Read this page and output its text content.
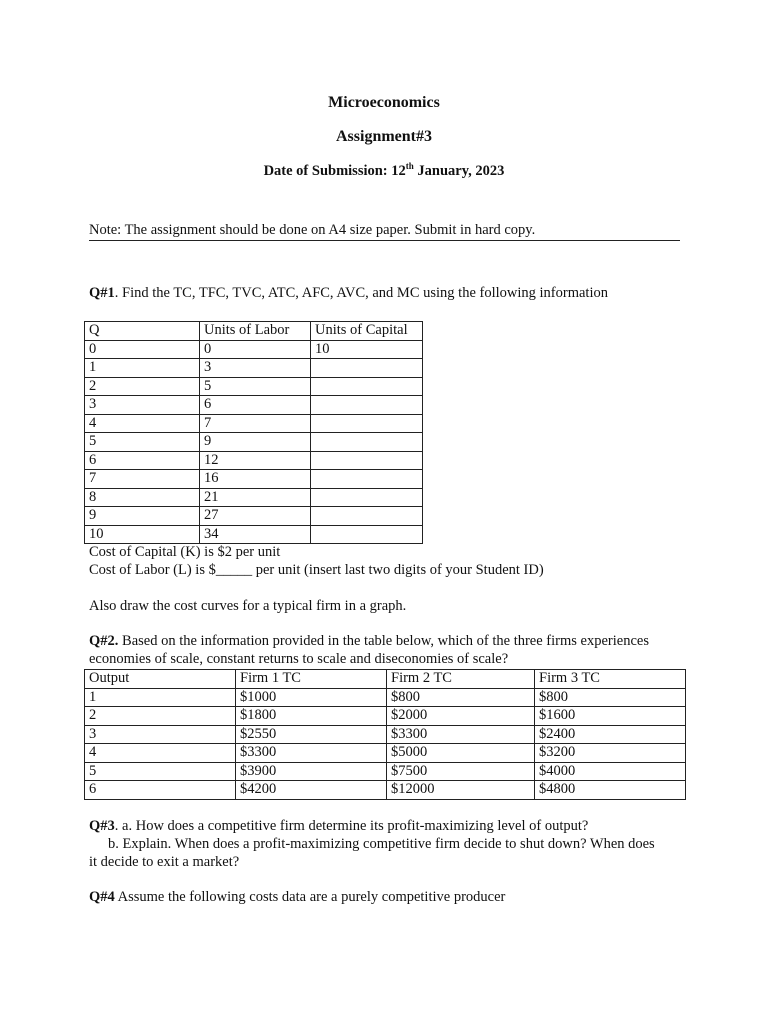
Microeconomics
Assignment#3
Date of Submission: 12th January, 2023
Note: The assignment should be done on A4 size paper. Submit in hard copy.
Q#1. Find the TC, TFC, TVC, ATC, AFC, AVC, and MC using the following information
Q	Units of Labor	Units of Capital
0	0	10
1	3	
2	5	
3	6	
4	7	
5	9	
6	12	
7	16	
8	21	
9	27	
10	34	
Cost of Capital (K) is $2 per unit
Cost of Labor (L) is $_____ per unit (insert last two digits of your Student ID)
Also draw the cost curves for a typical firm in a graph.
Q#2. Based on the information provided in the table below, which of the three firms experiences
economies of scale, constant returns to scale and diseconomies of scale?
Output	Firm 1 TC	Firm 2 TC	Firm 3 TC
1	$1000	$800	$800
2	$1800	$2000	$1600
3	$2550	$3300	$2400
4	$3300	$5000	$3200
5	$3900	$7500	$4000
6	$4200	$12000	$4800
Q#3. a. How does a competitive firm determine its profit-maximizing level of output?
b. Explain. When does a profit-maximizing competitive firm decide to shut down? When does
it decide to exit a market?
Q#4 Assume the following costs data are a purely competitive producer
